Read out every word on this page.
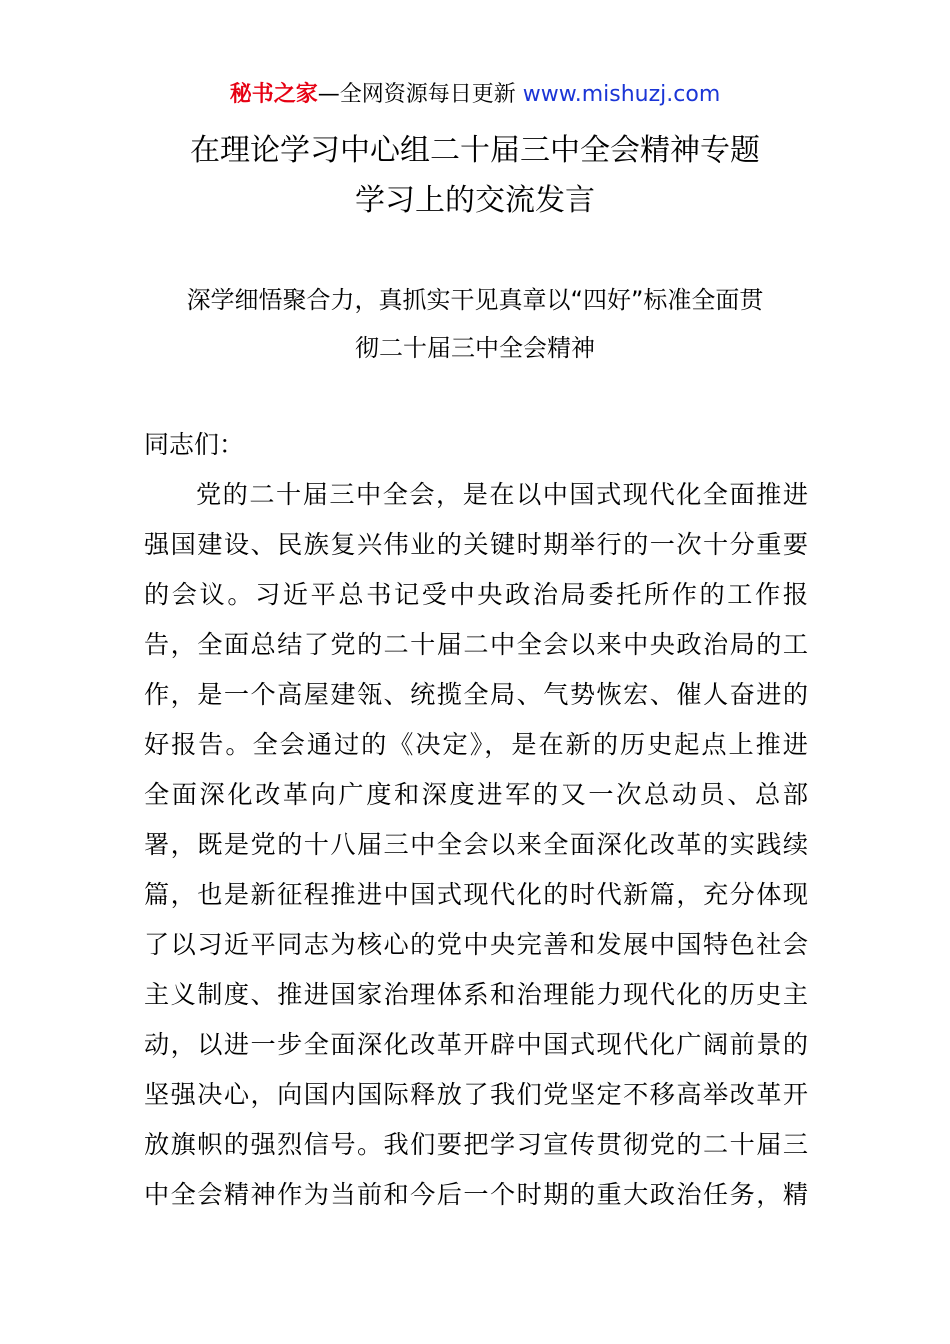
秘书之家—全网资源每日更新 www.mishuzj.com
在理论学习中心组二十届三中全会精神专题
学习上的交流发言
深学细悟聚合力，真抓实干见真章以“四好”标准全面贯
彻二十届三中全会精神
同志们：
党的二十届三中全会，是在以中国式现代化全面推进
强国建设、民族复兴伟业的关键时期举行的一次十分重要
的会议。习近平总书记受中央政治局委托所作的工作报
告，全面总结了党的二十届二中全会以来中央政治局的工
作，是一个高屋建瓴、统揽全局、气势恢宏、催人奋进的
好报告。全会通过的《决定》，是在新的历史起点上推进
全面深化改革向广度和深度进军的又一次总动员、总部
署，既是党的十八届三中全会以来全面深化改革的实践续
篇，也是新征程推进中国式现代化的时代新篇，充分体现
了以习近平同志为核心的党中央完善和发展中国特色社会
主义制度、推进国家治理体系和治理能力现代化的历史主
动，以进一步全面深化改革开辟中国式现代化广阔前景的
坚强决心，向国内国际释放了我们党坚定不移高举改革开
放旗帜的强烈信号。我们要把学习宣传贯彻党的二十届三
中全会精神作为当前和今后一个时期的重大政治任务，精
